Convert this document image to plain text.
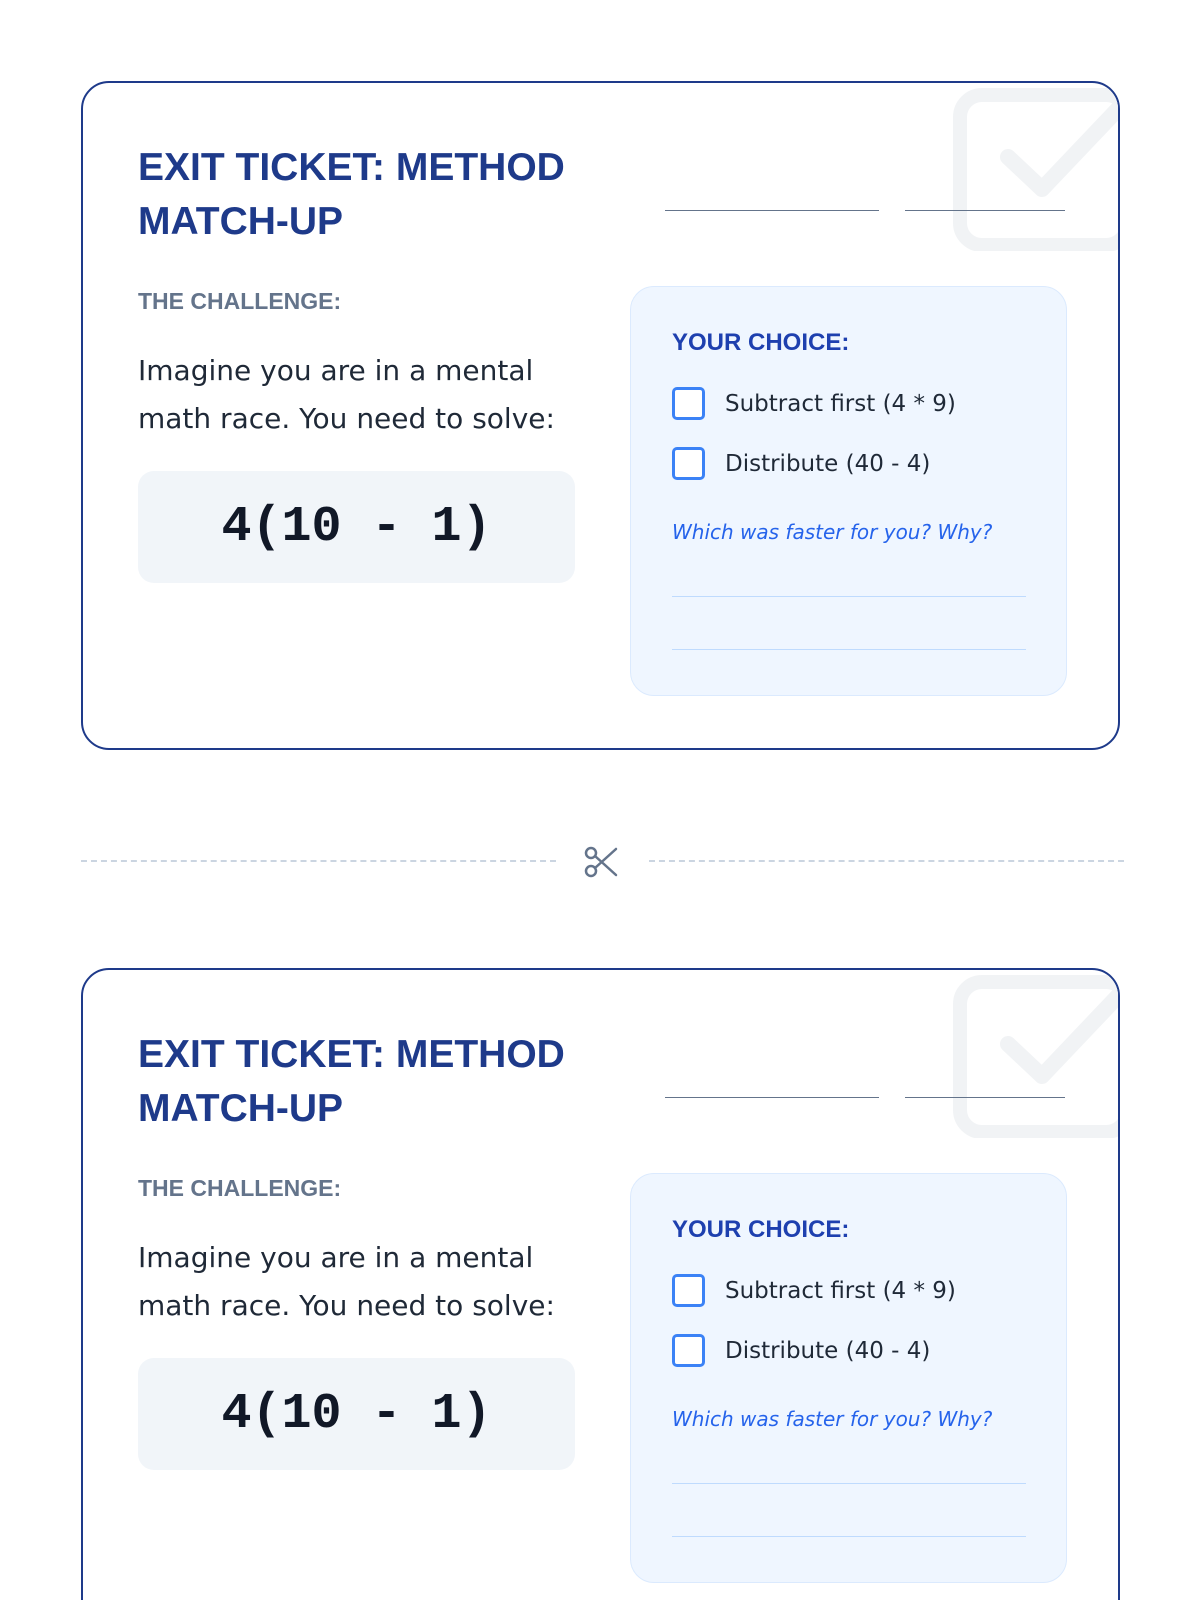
EXIT TICKET: METHOD MATCH-UP
THE CHALLENGE:

Imagine you are in a mental math race. You need to solve:

4(10 - 1)
YOUR CHOICE:
Subtract first (4 * 9)
Distribute (40 - 4)
Which was faster for you? Why?
EXIT TICKET: METHOD MATCH-UP
THE CHALLENGE:

Imagine you are in a mental math race. You need to solve:

4(10 - 1)
YOUR CHOICE:
Subtract first (4 * 9)
Distribute (40 - 4)
Which was faster for you? Why?
